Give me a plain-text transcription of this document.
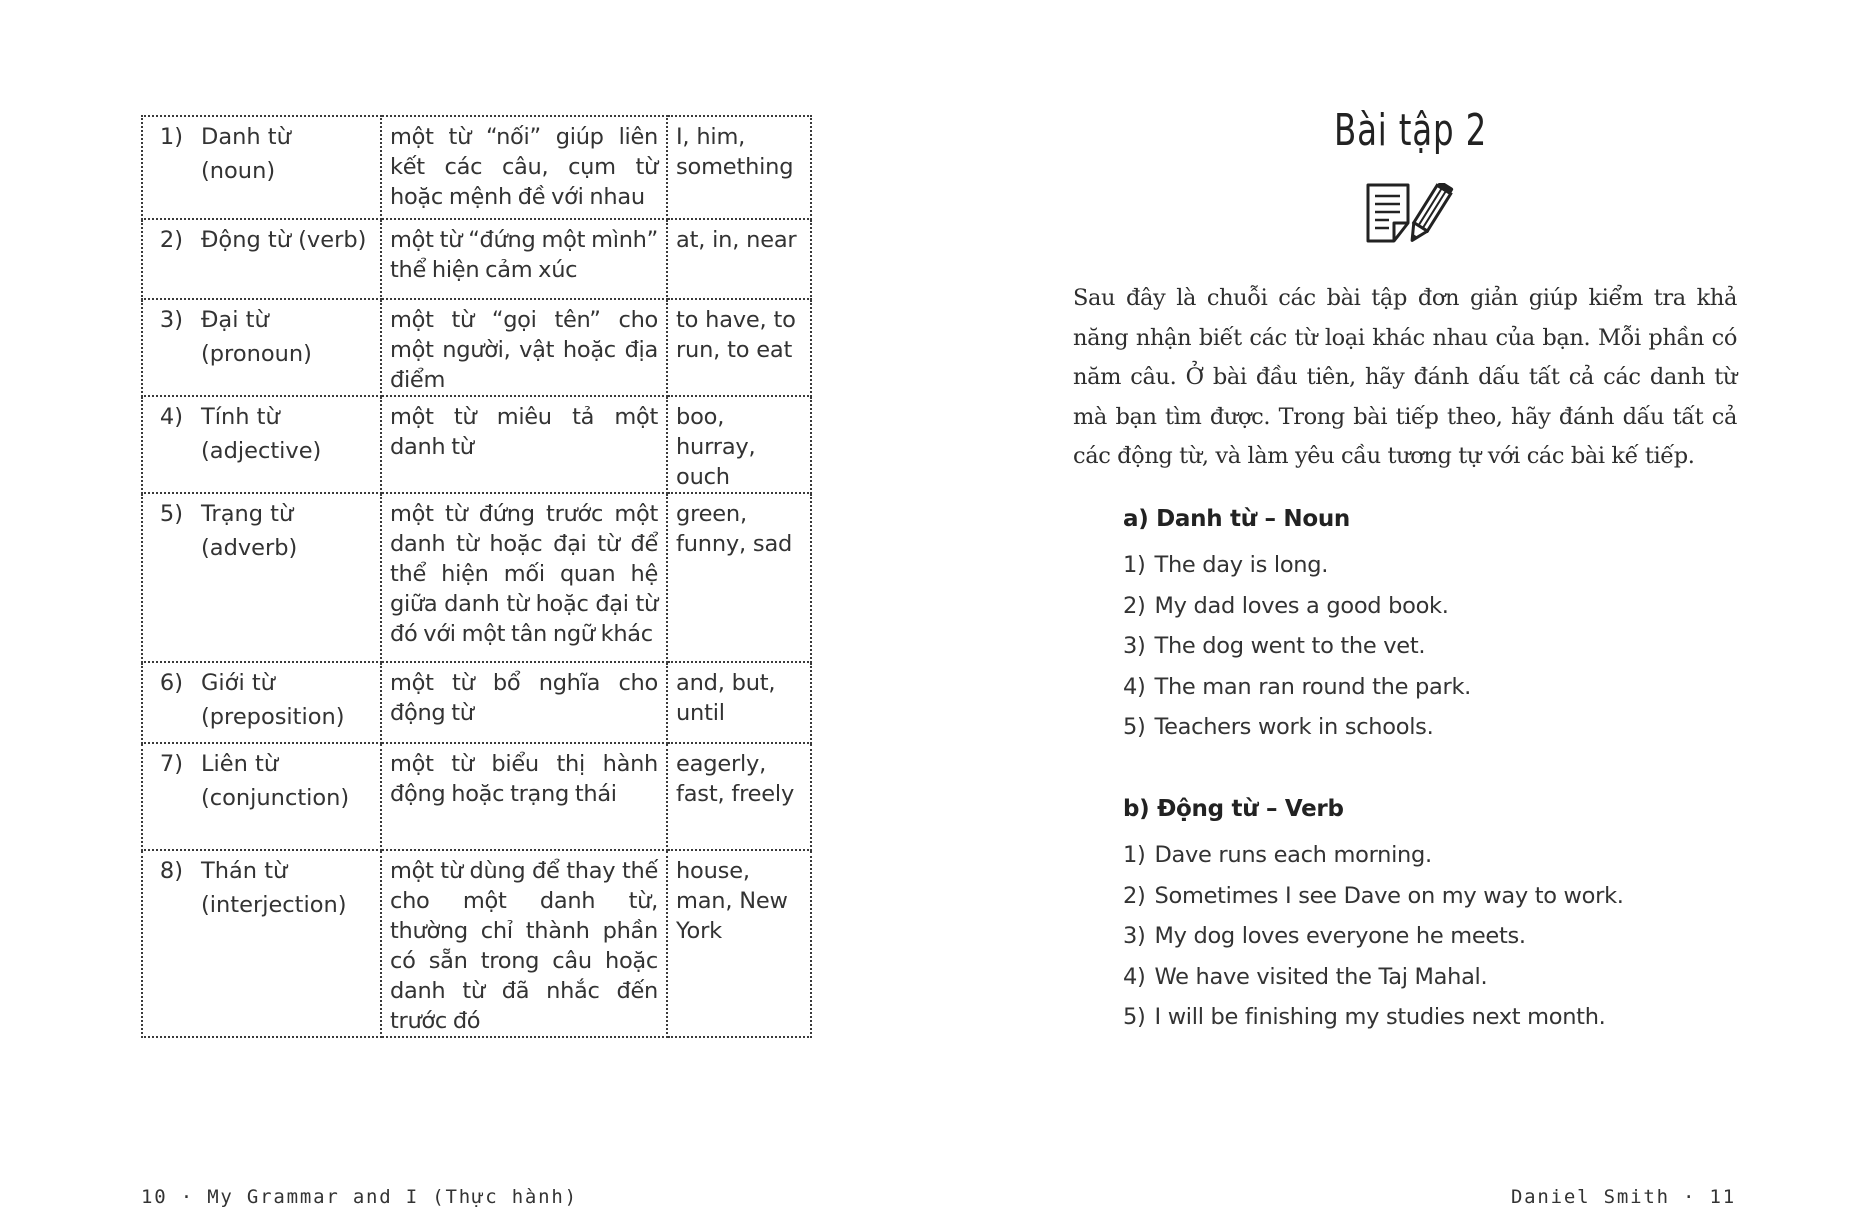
1) Danh từ
(noun)	một từ “nối” giúp liên kết các câu, cụm từ hoặc mệnh đề với nhau	I, him, something

2) Động từ (verb)	một từ “đứng một mình” thể hiện cảm xúc	at, in, near

3) Đại từ
(pronoun)	một từ “gọi tên” cho một người, vật hoặc địa điểm	to have, to run, to eat

4) Tính từ
(adjective)	một từ miêu tả một danh từ	boo, hurray, ouch

5) Trạng từ
(adverb)	một từ đứng trước một danh từ hoặc đại từ để thể hiện mối quan hệ giữa danh từ hoặc đại từ đó với một tân ngữ khác	green, funny, sad

6) Giới từ
(preposition)	một từ bổ nghĩa cho động từ	and, but, until

7) Liên từ
(conjunction)	một từ biểu thị hành động hoặc trạng thái	eagerly, fast, freely

8) Thán từ
(interjection)	một từ dùng để thay thế cho một danh từ, thường chỉ thành phần có sẵn trong câu hoặc danh từ đã nhắc đến trước đó	house, man, New York
10 · My Grammar and I (Thực hành)
Bài tập 2

Sau đây là chuỗi các bài tập đơn giản giúp kiểm tra khả năng nhận biết các từ loại khác nhau của bạn. Mỗi phần có năm câu. Ở bài đầu tiên, hãy đánh dấu tất cả các danh từ mà bạn tìm được. Trong bài tiếp theo, hãy đánh dấu tất cả các động từ, và làm yêu cầu tương tự với các bài kế tiếp.

a) Danh từ – Noun
1) The day is long.
2) My dad loves a good book.
3) The dog went to the vet.
4) The man ran round the park.
5) Teachers work in schools.
b) Động từ – Verb
1) Dave runs each morning.
2) Sometimes I see Dave on my way to work.
3) My dog loves everyone he meets.
4) We have visited the Taj Mahal.
5) I will be finishing my studies next month.
Daniel Smith · 11
